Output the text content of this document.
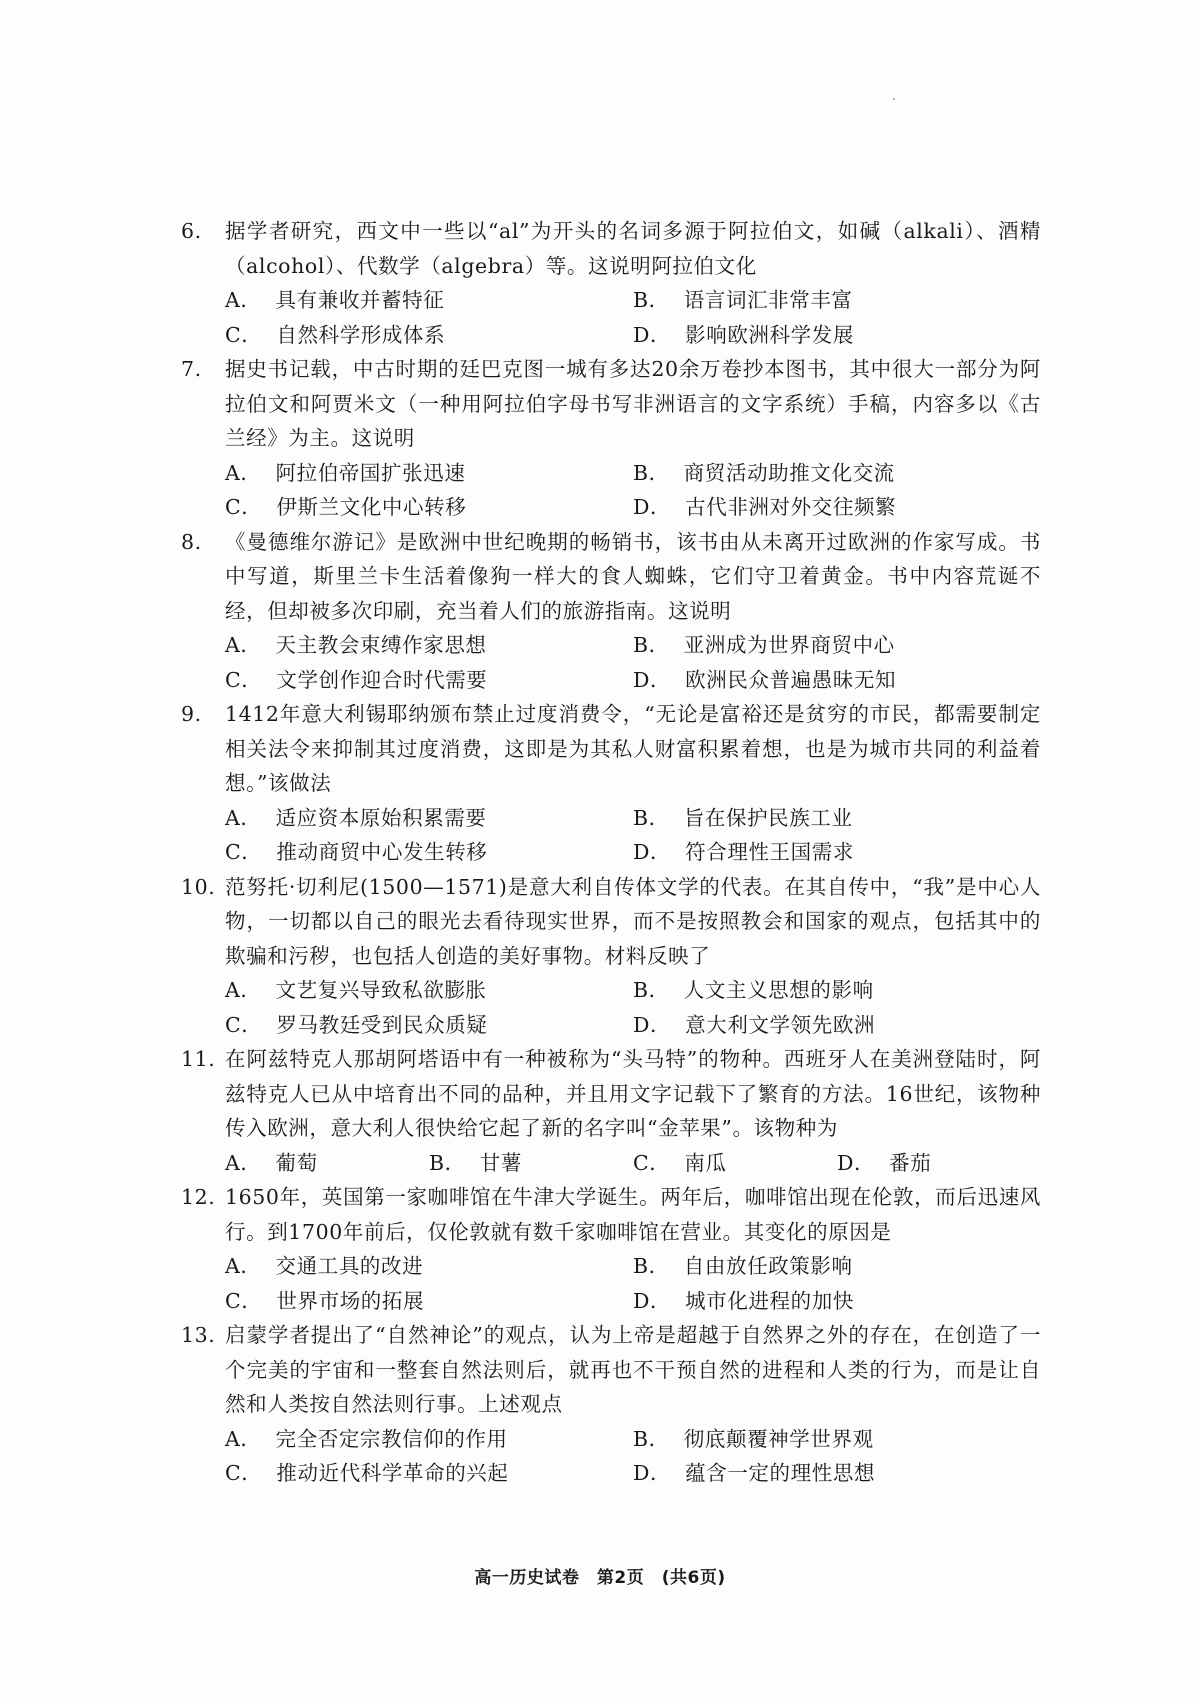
6. 据学者研究，西文中一些以“al”为开头的名词多源于阿拉伯文，如碱（alkali）、酒精（alcohol）、代数学（algebra）等。这说明阿拉伯文化
A． 具有兼收并蓄特征	B． 语言词汇非常丰富
C． 自然科学形成体系	D． 影响欧洲科学发展
7. 据史书记载，中古时期的廷巴克图一城有多达20余万卷抄本图书，其中很大一部分为阿拉伯文和阿贾米文（一种用阿拉伯字母书写非洲语言的文字系统）手稿，内容多以《古兰经》为主。这说明
A． 阿拉伯帝国扩张迅速	B． 商贸活动助推文化交流
C． 伊斯兰文化中心转移	D． 古代非洲对外交往频繁
8. 《曼德维尔游记》是欧洲中世纪晚期的畅销书，该书由从未离开过欧洲的作家写成。书中写道，斯里兰卡生活着像狗一样大的食人蜘蛛，它们守卫着黄金。书中内容荒诞不经，但却被多次印刷，充当着人们的旅游指南。这说明
A． 天主教会束缚作家思想	B． 亚洲成为世界商贸中心
C． 文学创作迎合时代需要	D． 欧洲民众普遍愚昧无知
9. 1412年意大利锡耶纳颁布禁止过度消费令，“无论是富裕还是贫穷的市民，都需要制定相关法令来抑制其过度消费，这即是为其私人财富积累着想，也是为城市共同的利益着想。”该做法
A． 适应资本原始积累需要	B． 旨在保护民族工业
C． 推动商贸中心发生转移	D． 符合理性王国需求
10. 范努托·切利尼(1500—1571)是意大利自传体文学的代表。在其自传中，“我”是中心人物，一切都以自己的眼光去看待现实世界，而不是按照教会和国家的观点，包括其中的欺骗和污秽，也包括人创造的美好事物。材料反映了
A． 文艺复兴导致私欲膨胀	B． 人文主义思想的影响
C． 罗马教廷受到民众质疑	D． 意大利文学领先欧洲
11. 在阿兹特克人那胡阿塔语中有一种被称为“头马特”的物种。西班牙人在美洲登陆时，阿兹特克人已从中培育出不同的品种，并且用文字记载下了繁育的方法。16世纪，该物种传入欧洲，意大利人很快给它起了新的名字叫“金苹果”。该物种为
A． 葡萄	B． 甘薯	C． 南瓜	D． 番茄
12. 1650年，英国第一家咖啡馆在牛津大学诞生。两年后，咖啡馆出现在伦敦，而后迅速风行。到1700年前后，仅伦敦就有数千家咖啡馆在营业。其变化的原因是
A． 交通工具的改进	B． 自由放任政策影响
C． 世界市场的拓展	D． 城市化进程的加快
13. 启蒙学者提出了“自然神论”的观点，认为上帝是超越于自然界之外的存在，在创造了一个完美的宇宙和一整套自然法则后，就再也不干预自然的进程和人类的行为，而是让自然和人类按自然法则行事。上述观点
A． 完全否定宗教信仰的作用	B． 彻底颠覆神学世界观
C． 推动近代科学革命的兴起	D． 蕴含一定的理性思想
高一历史试卷　第2页　(共6页)
